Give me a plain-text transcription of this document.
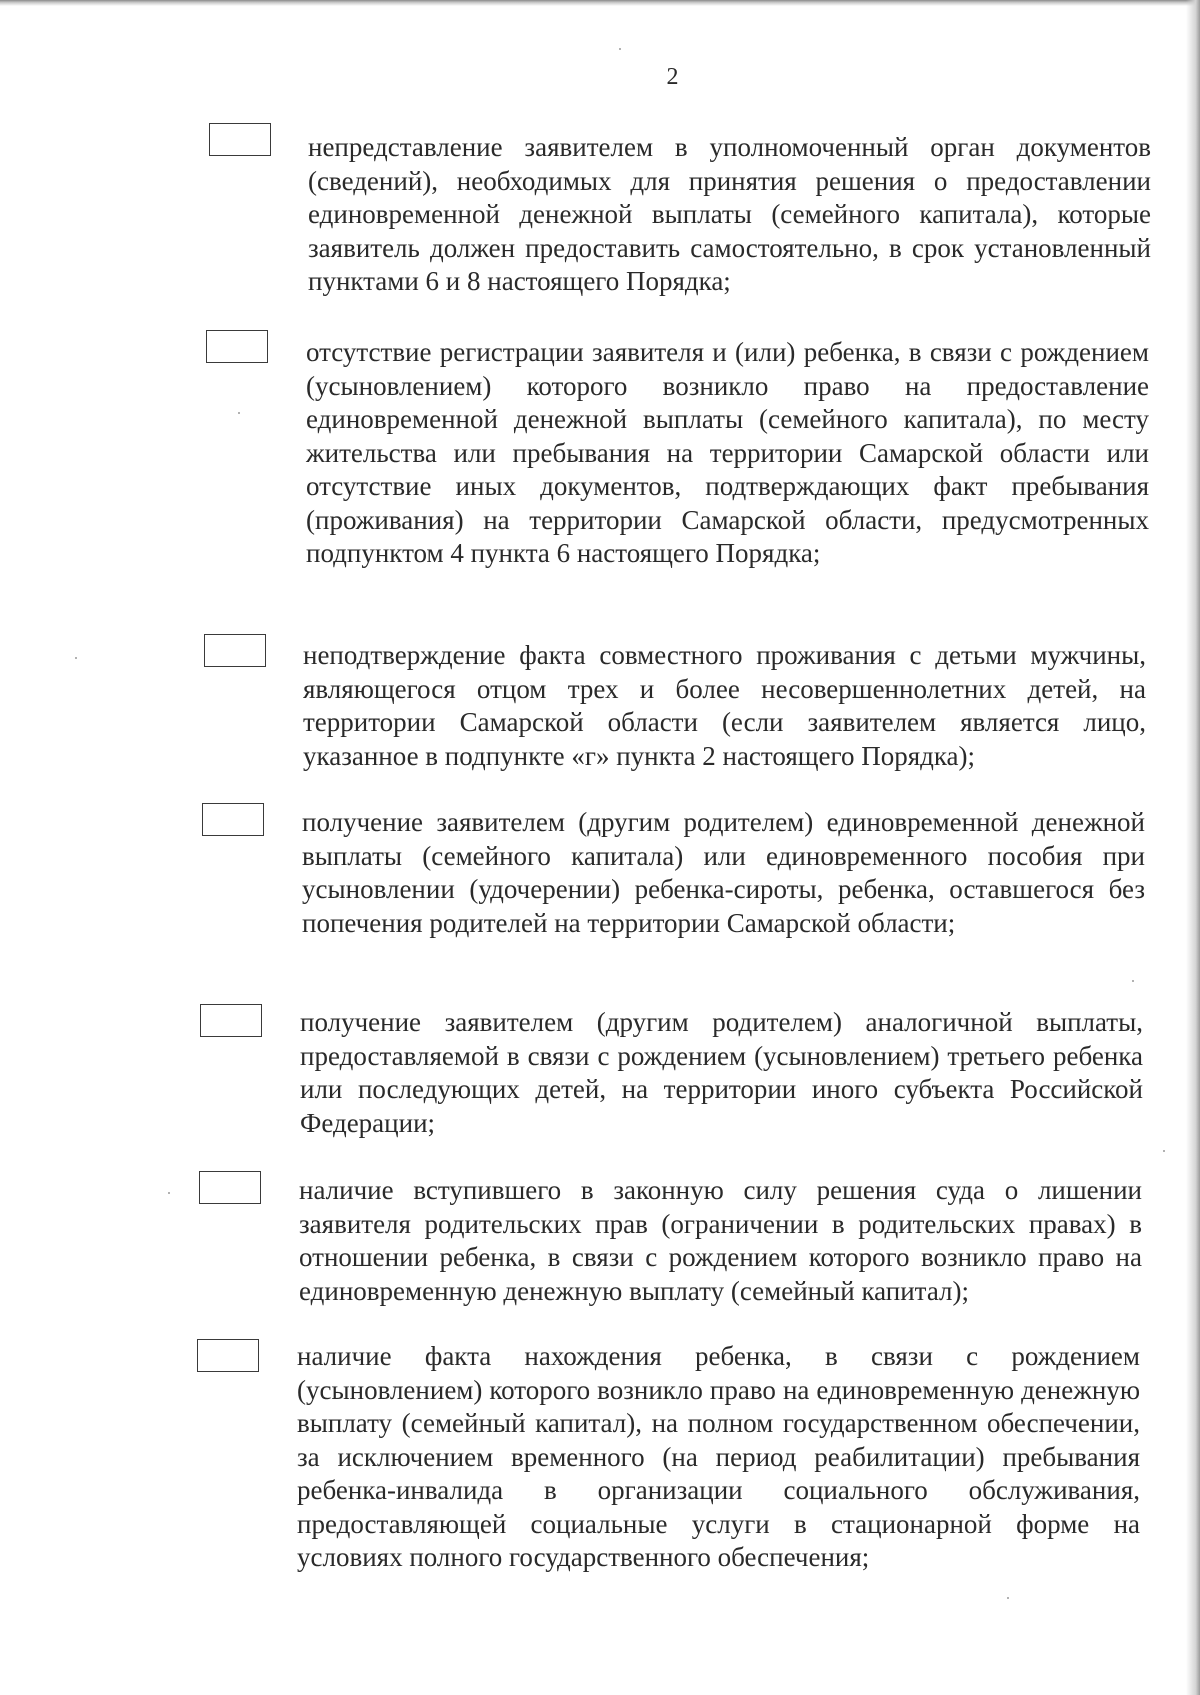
2

непредставление заявителем в уполномоченный орган документов (сведений), необходимых для принятия решения о предоставлении единовременной денежной выплаты (семейного капитала), которые заявитель должен предоставить самостоятельно, в срок установленный пунктами 6 и 8 настоящего Порядка;

отсутствие регистрации заявителя и (или) ребенка, в связи с рождением (усыновлением) которого возникло право на предоставление единовременной денежной выплаты (семейного капитала), по месту жительства или пребывания на территории Самарской области или отсутствие иных документов, подтверждающих факт пребывания (проживания) на территории Самарской области, предусмотренных подпунктом 4 пункта 6 настоящего Порядка;

неподтверждение факта совместного проживания с детьми мужчины, являющегося отцом трех и более несовершеннолетних детей, на территории Самарской области (если заявителем является лицо, указанное в подпункте «г» пункта 2 настоящего Порядка);

получение заявителем (другим родителем) единовременной денежной выплаты (семейного капитала) или единовременного пособия при усыновлении (удочерении) ребенка-сироты, ребенка, оставшегося без попечения родителей на территории Самарской области;

получение заявителем (другим родителем) аналогичной выплаты, предоставляемой в связи с рождением (усыновлением) третьего ребенка или последующих детей, на территории иного субъекта Российской Федерации;

наличие вступившего в законную силу решения суда о лишении заявителя родительских прав (ограничении в родительских правах) в отношении ребенка, в связи с рождением которого возникло право на единовременную денежную выплату (семейный капитал);

наличие факта нахождения ребенка, в связи с рождением (усыновлением) которого возникло право на единовременную денежную выплату (семейный капитал), на полном государственном обеспечении, за исключением временного (на период реабилитации) пребывания ребенка-инвалида в организации социального обслуживания, предоставляющей социальные услуги в стационарной форме на условиях полного государственного обеспечения;
